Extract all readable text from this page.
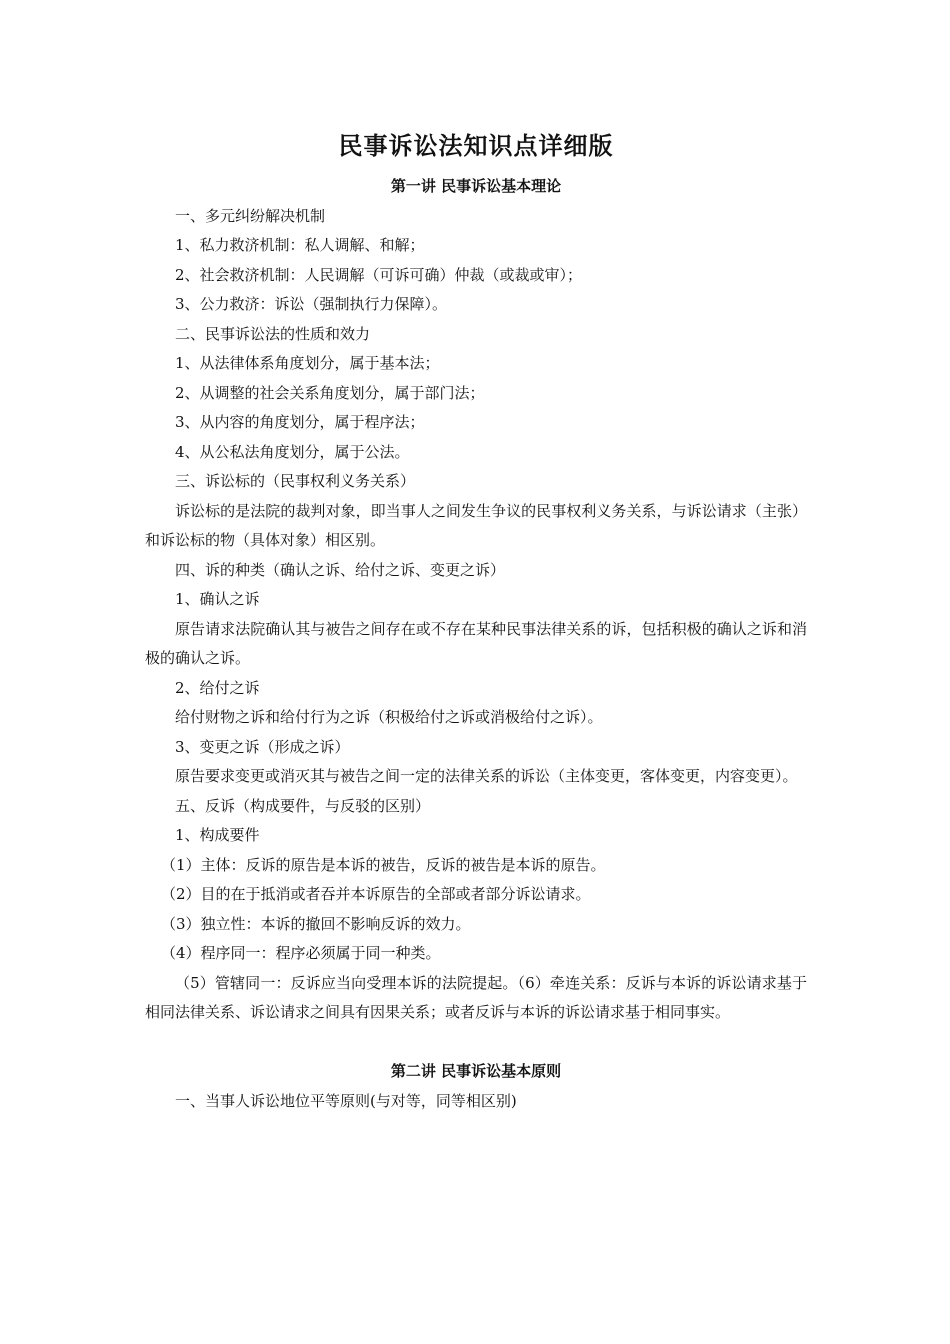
民事诉讼法知识点详细版
第一讲 民事诉讼基本理论

一、多元纠纷解决机制

1、私力救济机制：私人调解、和解；

2、社会救济机制：人民调解（可诉可确）仲裁（或裁或审）；

3、公力救济：诉讼（强制执行力保障）。

二、民事诉讼法的性质和效力

1、从法律体系角度划分，属于基本法；

2、从调整的社会关系角度划分，属于部门法；

3、从内容的角度划分，属于程序法；

4、从公私法角度划分，属于公法。

三、诉讼标的（民事权利义务关系）

诉讼标的是法院的裁判对象，即当事人之间发生争议的民事权利义务关系，与诉讼请求（主张）和诉讼标的物（具体对象）相区别。

四、诉的种类（确认之诉、给付之诉、变更之诉）

1、确认之诉

原告请求法院确认其与被告之间存在或不存在某种民事法律关系的诉，包括积极的确认之诉和消极的确认之诉。

2、给付之诉

给付财物之诉和给付行为之诉（积极给付之诉或消极给付之诉）。

3、变更之诉（形成之诉）

原告要求变更或消灭其与被告之间一定的法律关系的诉讼（主体变更，客体变更，内容变更）。

五、反诉（构成要件，与反驳的区别）

1、构成要件

（1）主体：反诉的原告是本诉的被告，反诉的被告是本诉的原告。

（2）目的在于抵消或者吞并本诉原告的全部或者部分诉讼请求。

（3）独立性：本诉的撤回不影响反诉的效力。

（4）程序同一：程序必须属于同一种类。

（5）管辖同一：反诉应当向受理本诉的法院提起。（6）牵连关系：反诉与本诉的诉讼请求基于相同法律关系、诉讼请求之间具有因果关系；或者反诉与本诉的诉讼请求基于相同事实。

第二讲 民事诉讼基本原则

一、当事人诉讼地位平等原则(与对等，同等相区别)
